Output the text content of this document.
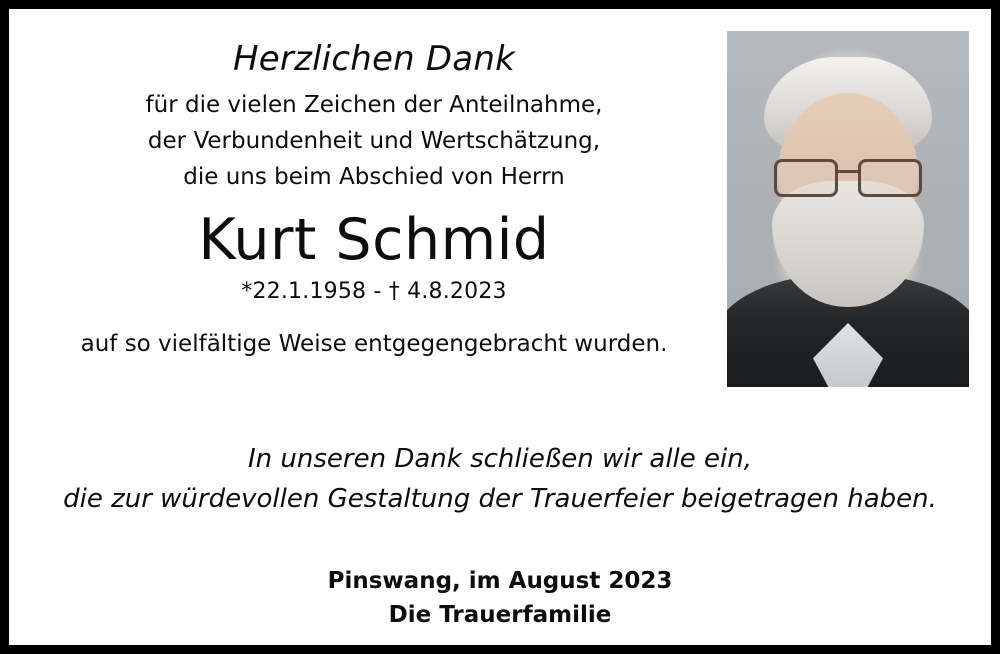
Herzlichen Dank
für die vielen Zeichen der Anteilnahme,
der Verbundenheit und Wertschätzung,
die uns beim Abschied von Herrn
Kurt Schmid
*22.1.1958 - † 4.8.2023
auf so vielfältige Weise entgegengebracht wurden.
In unseren Dank schließen wir alle ein,
die zur würdevollen Gestaltung der Trauerfeier beigetragen haben.
Pinswang, im August 2023
Die Trauerfamilie
